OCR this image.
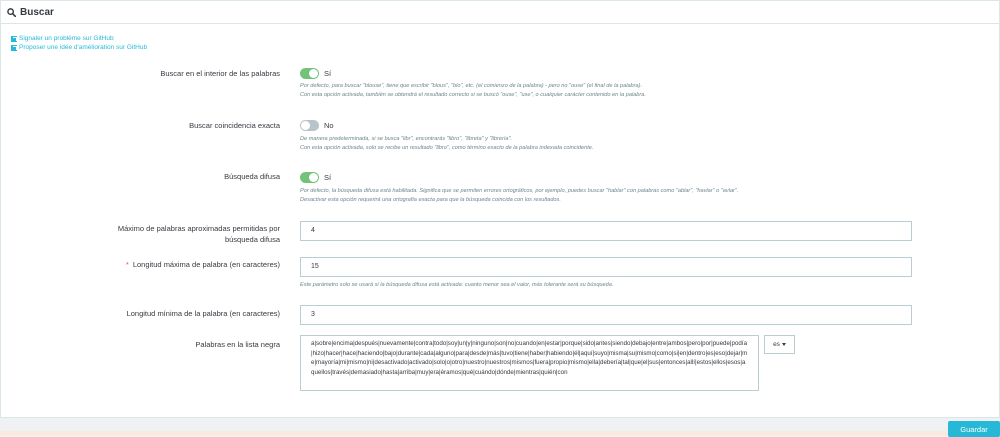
Buscar
Signaler un problème sur GitHub
Proposer une idée d'amélioration sur GitHub
Buscar en el interior de las palabras	Sí
Por defecto, para buscar "blouse", tiene que escribir "blous", "blo", etc. (el comienzo de la palabra) - pero no "ouse" (el final de la palabra).
Con esta opción activada, también se obtendrá el resultado correcto si se buscó "ouse", "use", o cualquier carácter contenido en la palabra.
Buscar coincidencia exacta	No
De manera predeterminada, si se busca "libr", encontrarás "libro", "libreta" y "librería".
Con esta opción activada, solo se recibe un resultado "libro", como término exacto de la palabra indexada coincidente.
Búsqueda difusa	Sí
Por defecto, la búsqueda difusa está habilitada. Significa que se permiten errores ortográficos, por ejemplo, puedes buscar "hablar" con palabras como "ablar", "havlar" o "avlar".
Desactivar esta opción requerirá una ortografía exacta para que la búsqueda coincida con los resultados.
Máximo de palabras aproximadas permitidas por
búsqueda difusa
4
* Longitud máxima de palabra (en caracteres)	15
Este parámetro solo se usará si la búsqueda difusa está activada: cuanto menor sea el valor, más tolerante será su búsqueda.
Longitud mínima de la palabra (en caracteres)	3
Palabras en la lista negra	a|sobre|encima|después|nuevamente|contra|todo|soy|un|y|ninguno|son|no|cuando|en|estar|porque|sido|antes|siendo|debajo|entre|ambos|pero|por|puede|podía|hizo|hacer|hace|haciendo|bajo|durante|cada|alguno|para|desde|más|tuvo|tiene|haber|habiendo|él|aquí|suyo|misma|su|mismo|como|si|en|dentro|es|eso|dejar|me|mayoría|mi|mismo|ni|desactivado|activado|solo|o|otro|nuestro|nuestros|mismos|fuera|propio|mismo|ella|debería|tal|que|el|sus|entonces|allí|estos|ellos|esos|aquellos|través|demasiado|hasta|arriba|muy|era|éramos|qué|cuándo|dónde|mientras|quién|con
es
Guardar
